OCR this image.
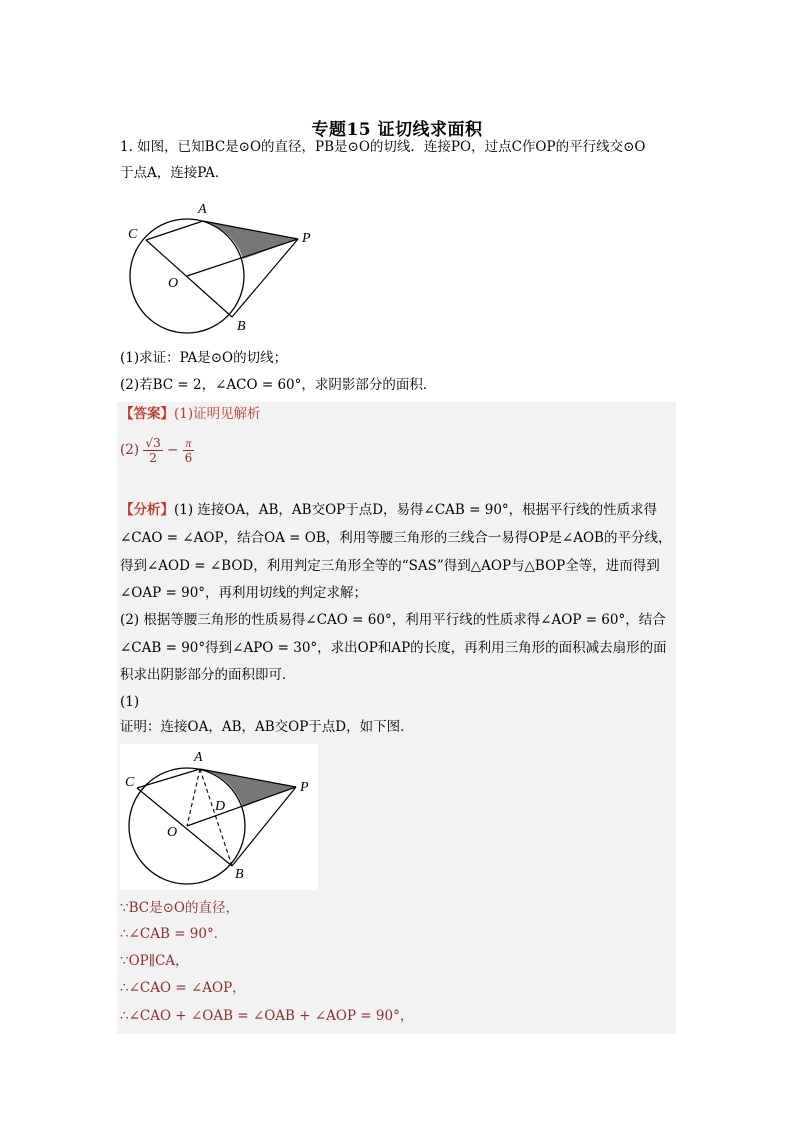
专题15 证切线求面积
1. 如图，已知BC是⊙O的直径，PB是⊙O的切线．连接PO，过点C作OP的平行线交⊙O
于点A，连接PA．
A
C	P
O
B
(1)求证：PA是⊙O的切线；
(2)若BC = 2，∠ACO = 60°，求阴影部分的面积．
【答案】(1)证明见解析
$(2) \frac{√3}{2} - \frac{\pi}{6}$
【分析】(1) 连接OA，AB，AB交OP于点D，易得∠CAB = 90°，根据平行线的性质求得
∠CAO = ∠AOP，结合OA = OB，利用等腰三角形的三线合一易得OP是∠AOB的平分线，
得到∠AOD = ∠BOD，利用判定三角形全等的“SAS”得到△AOP与△BOP全等，进而得到
∠OAP = 90°，再利用切线的判定求解；
(2) 根据等腰三角形的性质易得∠CAO = 60°，利用平行线的性质求得∠AOP = 60°，结合
∠CAB = 90°得到∠APO = 30°，求出OP和AP的长度，再利用三角形的面积减去扇形的面
积求出阴影部分的面积即可．
(1)
证明：连接OA，AB，AB交OP于点D，如下图．
A
C	P
D
O
B
∵BC是⊙O的直径，
∴∠CAB = 90°．
∵OP∥CA，
∴∠CAO = ∠AOP，
∴∠CAO + ∠OAB = ∠OAB + ∠AOP = 90°，
